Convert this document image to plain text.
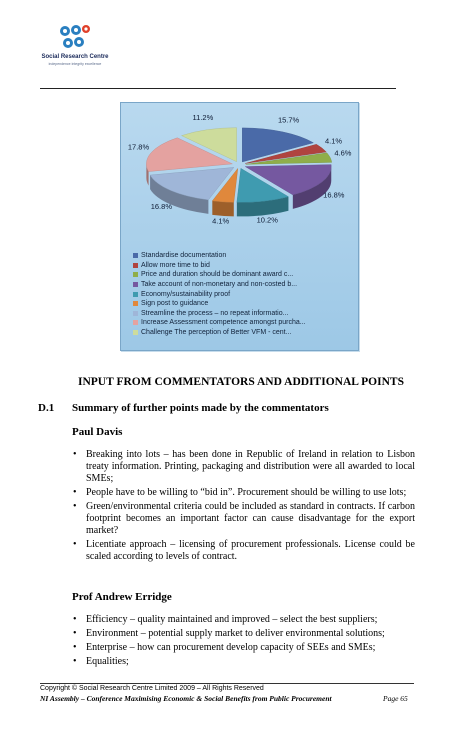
Social Research Centre
independence integrity excellence
15.7%
4.1%
4.6%
16.8%
10.2%
4.1%
16.8%
17.8%
11.2%
Standardise documentation
Allow more time to bid
Price and duration should be dominant award c...
Take account of non-monetary and non-costed b...
Economy/sustainability proof
Sign post to guidance
Streamline the process – no repeat informatio...
Increase Assessment competence amongst purcha...
Challenge The perception of Better VFM - cent...
INPUT FROM COMMENTATORS AND ADDITIONAL POINTS
D.1 Summary of further points made by the commentators
Paul Davis
• Breaking into lots – has been done in Republic of Ireland in relation to Lisbon treaty information. Printing, packaging and distribution were all awarded to local SMEs;
• People have to be willing to “bid in”. Procurement should be willing to use lots;
• Green/environmental criteria could be included as standard in contracts. If carbon footprint becomes an important factor can cause disadvantage for the export market?
• Licentiate approach – licensing of procurement professionals. License could be scaled according to levels of contract.
Prof Andrew Erridge
• Efficiency – quality maintained and improved – select the best suppliers;
• Environment – potential supply market to deliver environmental solutions;
• Enterprise – how can procurement develop capacity of SEEs and SMEs;
• Equalities;
Copyright © Social Research Centre Limited 2009 – All Rights Reserved
NI Assembly – Conference Maximising Economic & Social Benefits from Public Procurement	Page 65
